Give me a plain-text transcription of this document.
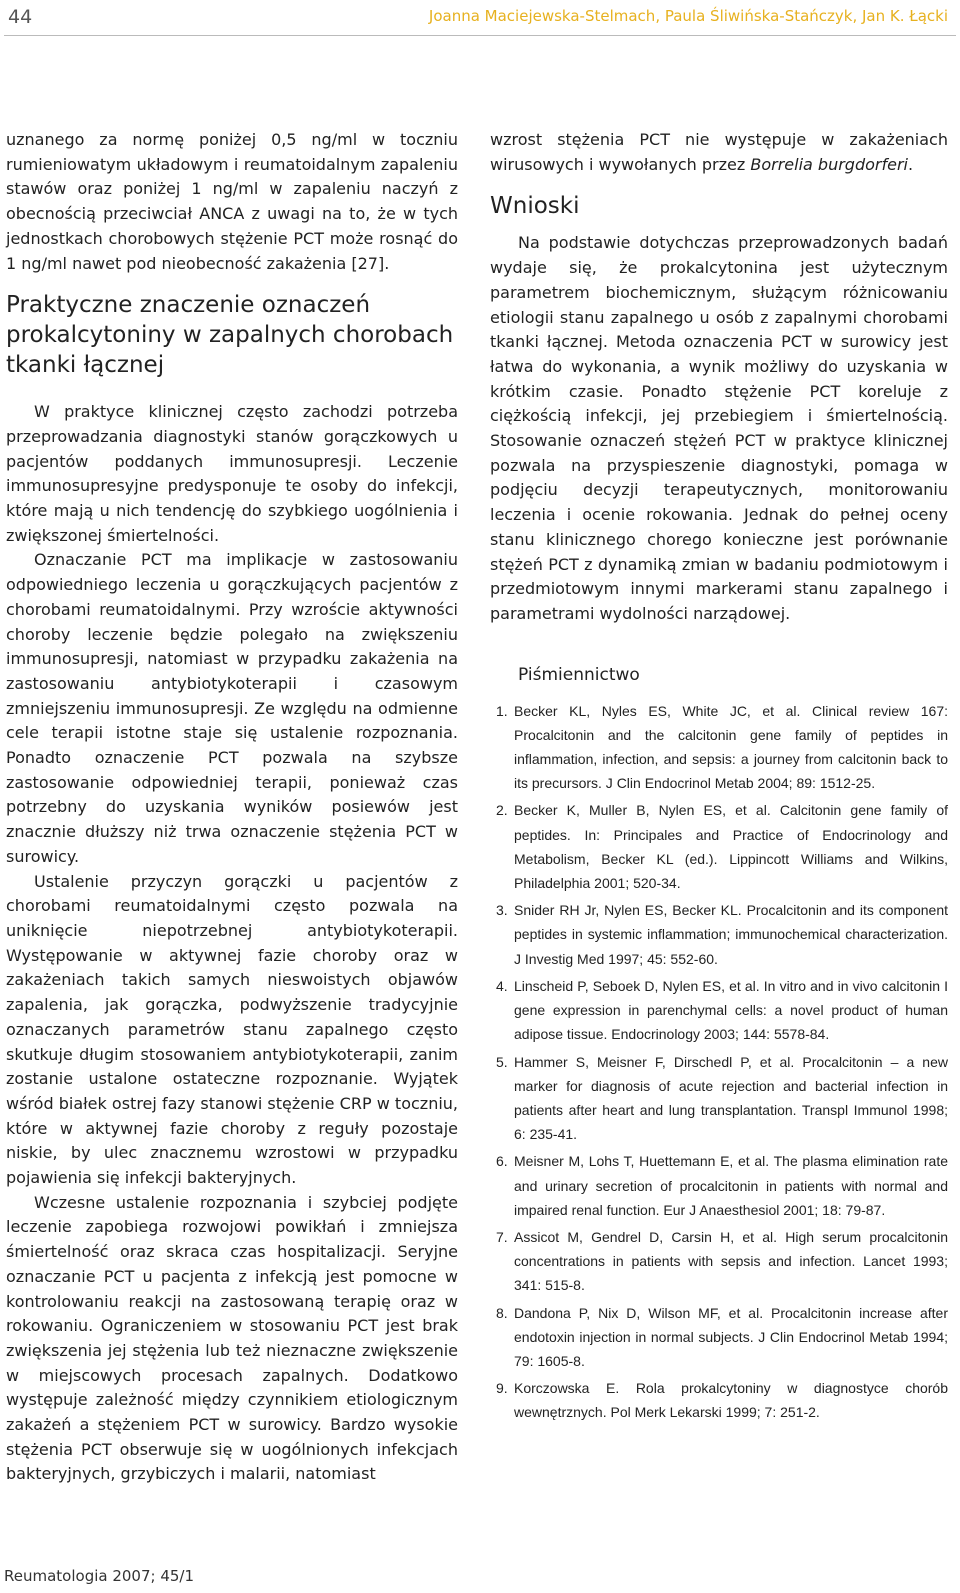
44	Joanna Maciejewska-Stelmach, Paula Śliwińska-Stańczyk, Jan K. Łącki

uznanego za normę poniżej 0,5 ng/ml w toczniu rumieniowatym układowym i reumatoidalnym zapaleniu stawów oraz poniżej 1 ng/ml w zapaleniu naczyń z obecnością przeciwciał ANCA z uwagi na to, że w tych jednostkach chorobowych stężenie PCT może rosnąć do 1 ng/ml nawet pod nieobecność zakażenia [27].

Praktyczne znaczenie oznaczeń prokalcytoniny w zapalnych chorobach tkanki łącznej

W praktyce klinicznej często zachodzi potrzeba przeprowadzania diagnostyki stanów gorączkowych u pacjentów poddanych immunosupresji. Leczenie immunosupresyjne predysponuje te osoby do infekcji, które mają u nich tendencję do szybkiego uogólnienia i zwiększonej śmiertelności.

Oznaczanie PCT ma implikacje w zastosowaniu odpowiedniego leczenia u gorączkujących pacjentów z chorobami reumatoidalnymi. Przy wzroście aktywności choroby leczenie będzie polegało na zwiększeniu immunosupresji, natomiast w przypadku zakażenia na zastosowaniu antybiotykoterapii i czasowym zmniejszeniu immunosupresji. Ze względu na odmienne cele terapii istotne staje się ustalenie rozpoznania. Ponadto oznaczenie PCT pozwala na szybsze zastosowanie odpowiedniej terapii, ponieważ czas potrzebny do uzyskania wyników posiewów jest znacznie dłuższy niż trwa oznaczenie stężenia PCT w surowicy.

Ustalenie przyczyn gorączki u pacjentów z chorobami reumatoidalnymi często pozwala na uniknięcie niepotrzebnej antybiotykoterapii. Występowanie w aktywnej fazie choroby oraz w zakażeniach takich samych nieswoistych objawów zapalenia, jak gorączka, podwyższenie tradycyjnie oznaczanych parametrów stanu zapalnego często skutkuje długim stosowaniem antybiotykoterapii, zanim zostanie ustalone ostateczne rozpoznanie. Wyjątek wśród białek ostrej fazy stanowi stężenie CRP w toczniu, które w aktywnej fazie choroby z reguły pozostaje niskie, by ulec znacznemu wzrostowi w przypadku pojawienia się infekcji bakteryjnych.

Wczesne ustalenie rozpoznania i szybciej podjęte leczenie zapobiega rozwojowi powikłań i zmniejsza śmiertelność oraz skraca czas hospitalizacji. Seryjne oznaczanie PCT u pacjenta z infekcją jest pomocne w kontrolowaniu reakcji na zastosowaną terapię oraz w rokowaniu. Ograniczeniem w stosowaniu PCT jest brak zwiększenia jej stężenia lub też nieznaczne zwiększenie w miejscowych procesach zapalnych. Dodatkowo występuje zależność między czynnikiem etiologicznym zakażeń a stężeniem PCT w surowicy. Bardzo wysokie stężenia PCT obserwuje się w uogólnionych infekcjach bakteryjnych, grzybiczych i malarii, natomiast

wzrost stężenia PCT nie występuje w zakażeniach wirusowych i wywołanych przez Borrelia burgdorferi.

Wnioski

Na podstawie dotychczas przeprowadzonych badań wydaje się, że prokalcytonina jest użytecznym parametrem biochemicznym, służącym różnicowaniu etiologii stanu zapalnego u osób z zapalnymi chorobami tkanki łącznej. Metoda oznaczenia PCT w surowicy jest łatwa do wykonania, a wynik możliwy do uzyskania w krótkim czasie. Ponadto stężenie PCT koreluje z ciężkością infekcji, jej przebiegiem i śmiertelnością. Stosowanie oznaczeń stężeń PCT w praktyce klinicznej pozwala na przyspieszenie diagnostyki, pomaga w podjęciu decyzji terapeutycznych, monitorowaniu leczenia i ocenie rokowania. Jednak do pełnej oceny stanu klinicznego chorego konieczne jest porównanie stężeń PCT z dynamiką zmian w badaniu podmiotowym i przedmiotowym innymi markerami stanu zapalnego i parametrami wydolności narządowej.

Piśmiennictwo
1. Becker KL, Nyles ES, White JC, et al. Clinical review 167: Procalcitonin and the calcitonin gene family of peptides in inflammation, infection, and sepsis: a journey from calcitonin back to its precursors. J Clin Endocrinol Metab 2004; 89: 1512-25.
2. Becker K, Muller B, Nylen ES, et al. Calcitonin gene family of peptides. In: Principales and Practice of Endocrinology and Metabolism, Becker KL (ed.). Lippincott Williams and Wilkins, Philadelphia 2001; 520-34.
3. Snider RH Jr, Nylen ES, Becker KL. Procalcitonin and its component peptides in systemic inflammation; immunochemical characterization. J Investig Med 1997; 45: 552-60.
4. Linscheid P, Seboek D, Nylen ES, et al. In vitro and in vivo calcitonin I gene expression in parenchymal cells: a novel product of human adipose tissue. Endocrinology 2003; 144: 5578-84.
5. Hammer S, Meisner F, Dirschedl P, et al. Procalcitonin – a new marker for diagnosis of acute rejection and bacterial infection in patients after heart and lung transplantation. Transpl Immunol 1998; 6: 235-41.
6. Meisner M, Lohs T, Huettemann E, et al. The plasma elimination rate and urinary secretion of procalcitonin in patients with normal and impaired renal function. Eur J Anaesthesiol 2001; 18: 79-87.
7. Assicot M, Gendrel D, Carsin H, et al. High serum procalcitonin concentrations in patients with sepsis and infection. Lancet 1993; 341: 515-8.
8. Dandona P, Nix D, Wilson MF, et al. Procalcitonin increase after endotoxin injection in normal subjects. J Clin Endocrinol Metab 1994; 79: 1605-8.
9. Korczowska E. Rola prokalcytoniny w diagnostyce chorób wewnętrznych. Pol Merk Lekarski 1999; 7: 251-2.
Reumatologia 2007; 45/1
